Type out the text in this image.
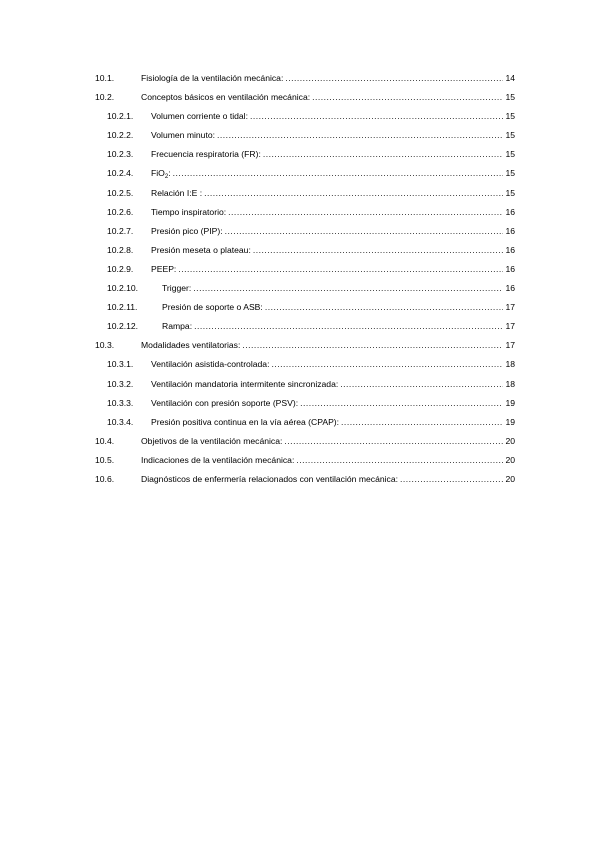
10.1.	Fisiología de la ventilación mecánica: .....	14
10.2.	Conceptos básicos en ventilación mecánica: .....	15
10.2.1.	Volumen corriente o tidal: .....	15
10.2.2.	Volumen minuto: .....	15
10.2.3.	Frecuencia respiratoria (FR): .....	15
10.2.4.	FiO$_2$: .....	15
10.2.5.	Relación I:E : .....	15
10.2.6.	Tiempo inspiratorio: .....	16
10.2.7.	Presión pico (PIP): .....	16
10.2.8.	Presión meseta o plateau: .....	16
10.2.9.	PEEP: .....	16
10.2.10.	Trigger: .....	16
10.2.11.	Presión de soporte o ASB: .....	17
10.2.12.	Rampa: .....	17
10.3.	Modalidades ventilatorias: .....	17
10.3.1.	Ventilación asistida-controlada: .....	18
10.3.2.	Ventilación mandatoria intermitente sincronizada: .....	18
10.3.3.	Ventilación con presión soporte (PSV): .....	19
10.3.4.	Presión positiva continua en la vía aérea (CPAP): .....	19
10.4.	Objetivos de la ventilación mecánica: .....	20
10.5.	Indicaciones de la ventilación mecánica: .....	20
10.6.	Diagnósticos de enfermería relacionados con ventilación mecánica: .....	20
